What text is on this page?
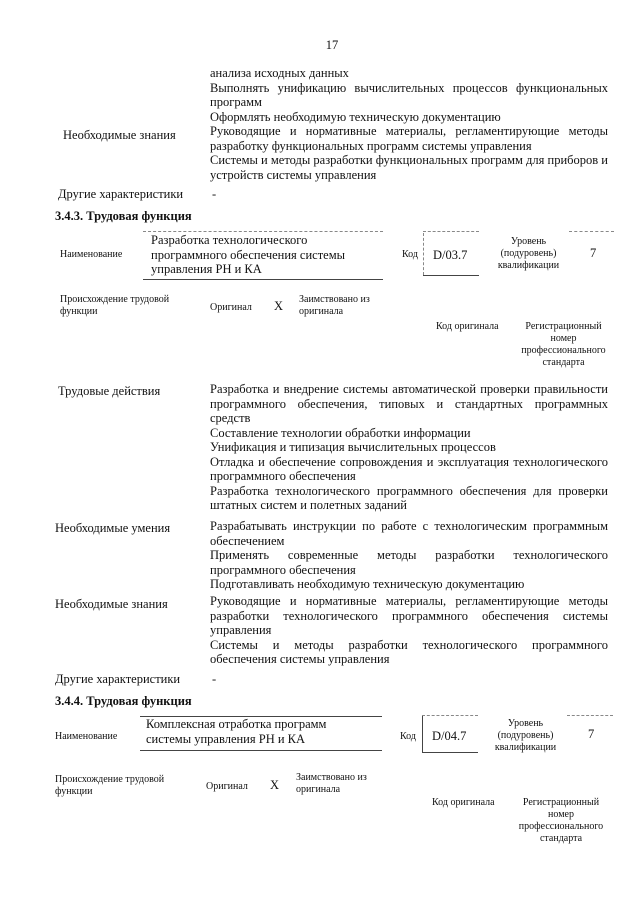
17

анализа исходных данных

Выполнять унификацию вычислительных процессов функциональных программ

Оформлять необходимую техническую документацию

Необходимые знания	Руководящие и нормативные материалы, регламентирующие методы разработку функциональных программ системы управления

Системы и методы разработки функциональных программ для приборов и устройств системы управления

Другие характеристики -
3.4.3. Трудовая функция
Наименование
Разработка технологического программного обеспечения системы управления РН и КА
Код D/03.7
Уровень (подуровень) квалификации
7
Происхождение трудовой функции	Оригинал X Заимствовано из оригинала
Код оригинала	Регистрационный номер профессионального стандарта
Трудовые действия	Разработка и внедрение системы автоматической проверки правильности программного обеспечения, типовых и стандартных программных средств

Составление технологии обработки информации

Унификация и типизация вычислительных процессов

Отладка и обеспечение сопровождения и эксплуатация технологического программного обеспечения

Разработка технологического программного обеспечения для проверки штатных систем и полетных заданий

Необходимые умения	Разрабатывать инструкции по работе с технологическим программным обеспечением

Применять современные методы разработки технологического программного обеспечения

Подготавливать необходимую техническую документацию

Необходимые знания	Руководящие и нормативные материалы, регламентирующие методы разработки технологического программного обеспечения системы управления

Системы и методы разработки технологического программного обеспечения системы управления

Другие характеристики	-
3.4.4. Трудовая функция
Наименование
Комплексная отработка программ системы управления РН и КА	Код D/04.7
Уровень (подуровень) квалификации
7
Происхождение трудовой функции	Оригинал X
Заимствовано из оригинала
Код оригинала	Регистрационный номер профессионального стандарта
